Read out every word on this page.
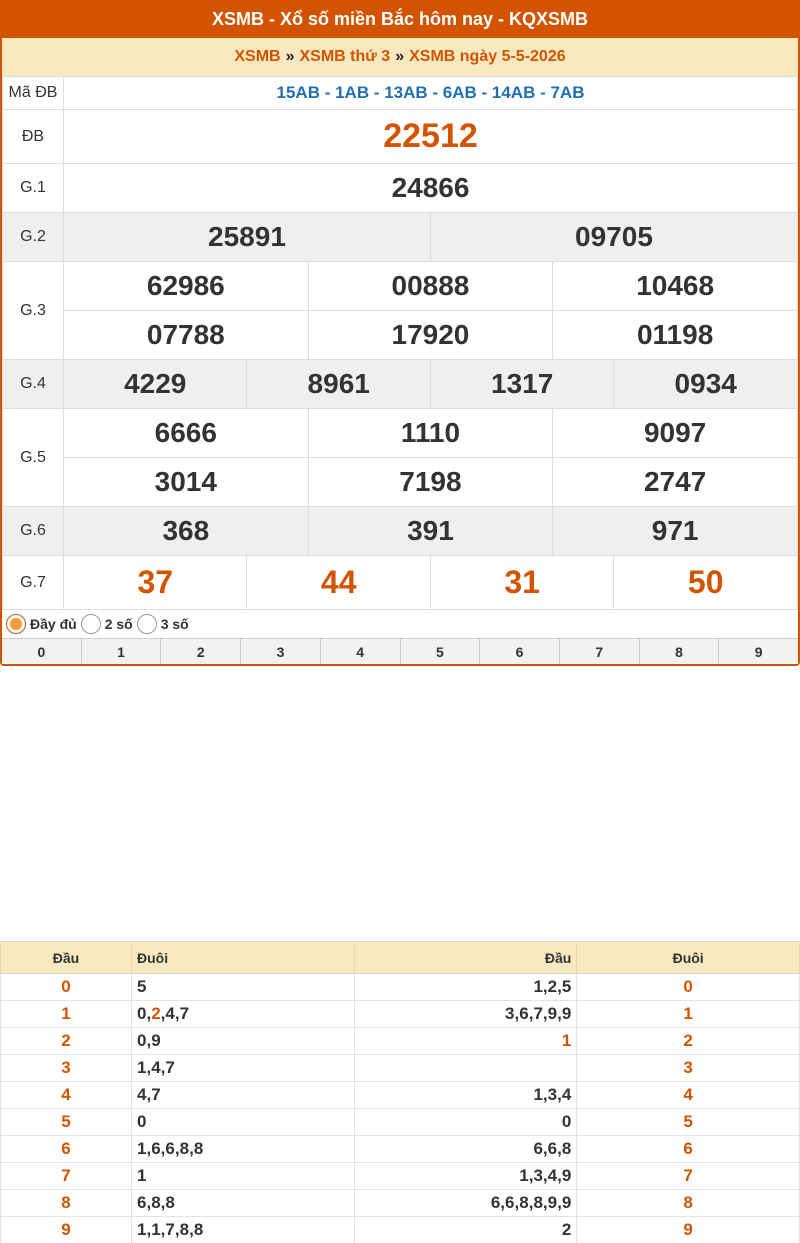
XSMB - Xổ số miền Bắc hôm nay - KQXSMB
XSMB » XSMB thứ 3 » XSMB ngày 5-5-2026
Mã ĐB	15AB - 1AB - 13AB - 6AB - 14AB - 7AB					
ĐB	22512					
G.1	24866					
G.2	25891			09705		
G.3	62986		00888		10468	
	07788		17920		01198	
G.4	4229	8961		1317		0934
G.5	6666		1110		9097	
	3014		7198		2747	
G.6	368		391		971	
G.7	37	44		31		50
Đầy đủ 2 số 3 số
0	1	2	3	4	5	6	7	8	9
Đầu	Đuôi	Đầu	Đuôi
0	5	1,2,5	0
1	0,2,4,7	3,6,7,9,9	1
2	0,9	1	2
3	1,4,7		3
4	4,7	1,3,4	4
5	0	0	5
6	1,6,6,8,8	6,6,8	6
7	1	1,3,4,9	7
8	6,8,8	6,6,8,8,9,9	8
9	1,1,7,8,8	2	9
